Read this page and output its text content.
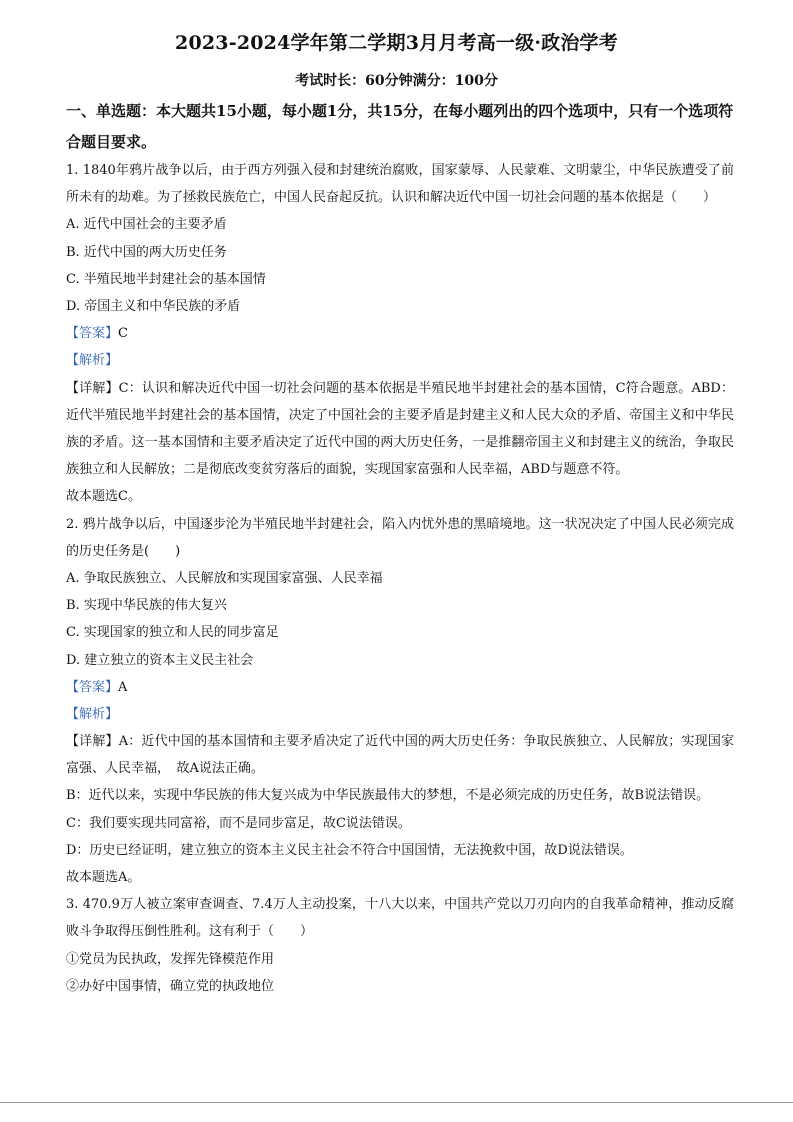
2023-2024学年第二学期3月月考高一级·政治学考
考试时长：60分钟满分：100分
一、单选题：本大题共15小题，每小题1分，共15分，在每小题列出的四个选项中，只有一个选项符合题目要求。
1. 1840年鸦片战争以后，由于西方列强入侵和封建统治腐败，国家蒙辱、人民蒙难、文明蒙尘，中华民族遭受了前所未有的劫难。为了拯救民族危亡，中国人民奋起反抗。认识和解决近代中国一切社会问题的基本依据是（　　）
A. 近代中国社会的主要矛盾
B. 近代中国的两大历史任务
C. 半殖民地半封建社会的基本国情
D. 帝国主义和中华民族的矛盾
【答案】C
【解析】
【详解】C：认识和解决近代中国一切社会问题的基本依据是半殖民地半封建社会的基本国情，C符合题意。ABD：近代半殖民地半封建社会的基本国情，决定了中国社会的主要矛盾是封建主义和人民大众的矛盾、帝国主义和中华民族的矛盾。这一基本国情和主要矛盾决定了近代中国的两大历史任务，一是推翻帝国主义和封建主义的统治，争取民族独立和人民解放；二是彻底改变贫穷落后的面貌，实现国家富强和人民幸福，ABD与题意不符。
故本题选C。
2. 鸦片战争以后，中国逐步沦为半殖民地半封建社会，陷入内忧外患的黑暗境地。这一状况决定了中国人民必须完成的历史任务是(　　)
A. 争取民族独立、人民解放和实现国家富强、人民幸福
B. 实现中华民族的伟大复兴
C. 实现国家的独立和人民的同步富足
D. 建立独立的资本主义民主社会
【答案】A
【解析】
【详解】A：近代中国的基本国情和主要矛盾决定了近代中国的两大历史任务：争取民族独立、人民解放；实现国家富强、人民幸福，　故A说法正确。
B：近代以来，实现中华民族的伟大复兴成为中华民族最伟大的梦想，不是必须完成的历史任务，故B说法错误。
C：我们要实现共同富裕，而不是同步富足，故C说法错误。
D：历史已经证明，建立独立的资本主义民主社会不符合中国国情，无法挽救中国，故D说法错误。
故本题选A。
3. 470.9万人被立案审查调查、7.4万人主动投案，十八大以来，中国共产党以刀刃向内的自我革命精神，推动反腐败斗争取得压倒性胜利。这有利于（　　）
①党员为民执政，发挥先锋模范作用
②办好中国事情，确立党的执政地位
